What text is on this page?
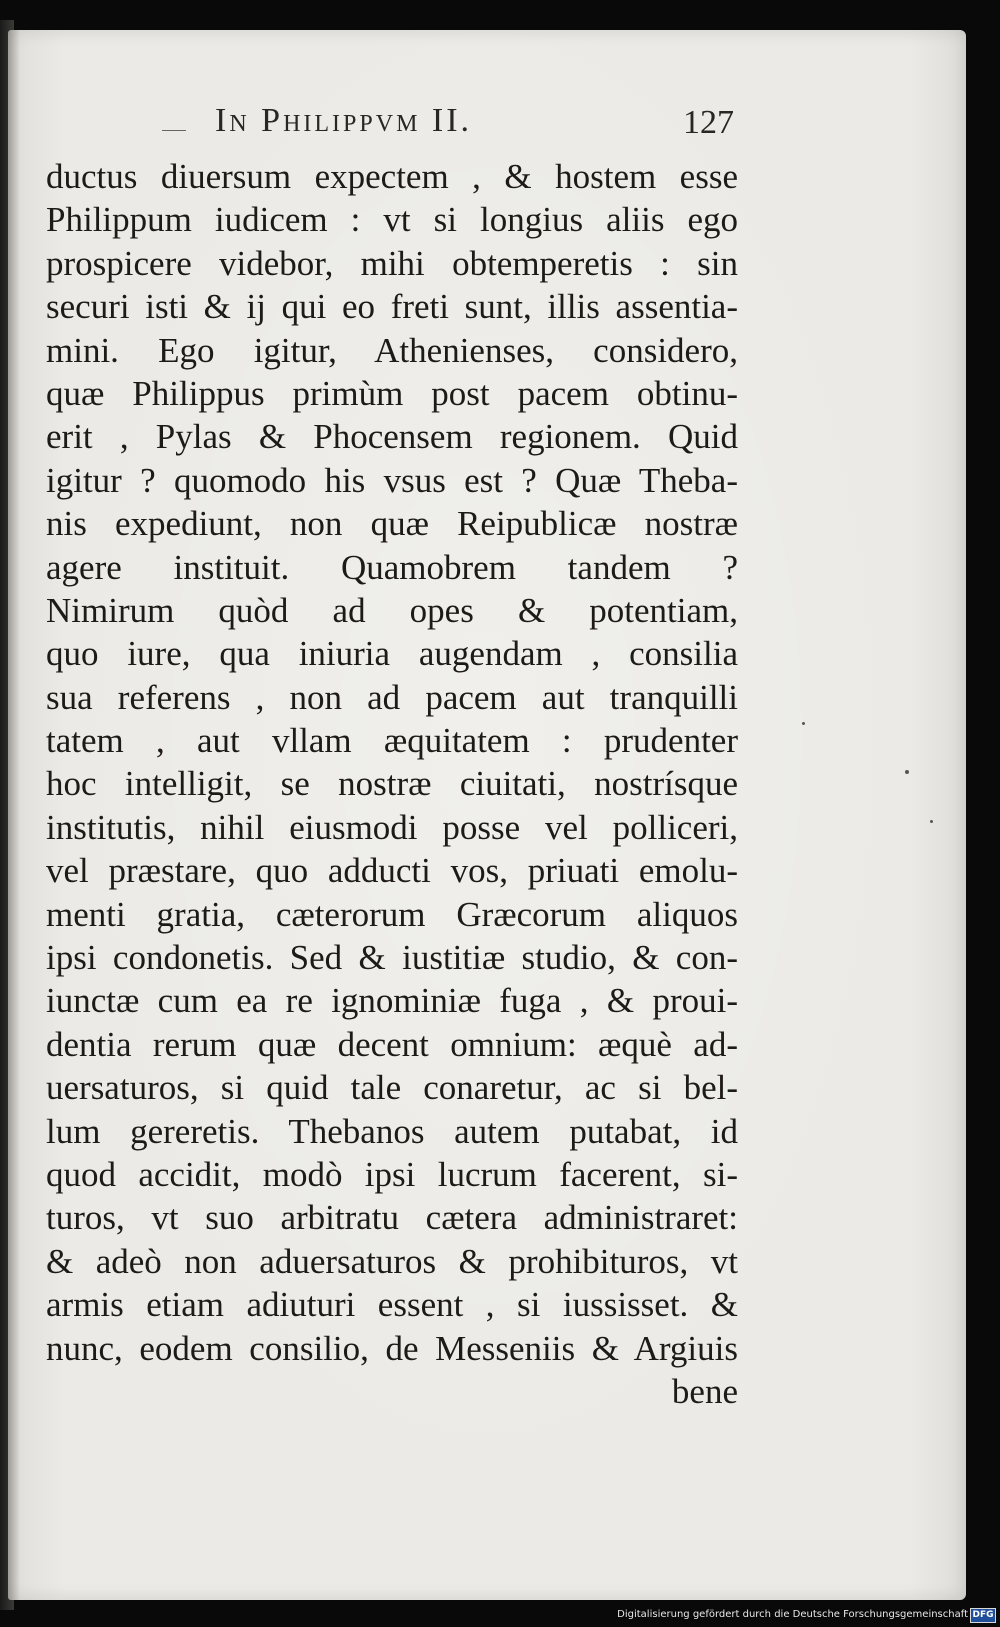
In Philippvm II.	127
ductus diuersum expectem , & hostem esse
Philippum iudicem : vt si longius aliis ego
prospicere videbor, mihi obtemperetis : sin
securi isti & ij qui eo freti sunt, illis assentia-
mini. Ego igitur, Athenienses, considero,
quæ Philippus primùm post pacem obtinu-
erit , Pylas & Phocensem regionem. Quid
igitur ? quomodo his vsus est ? Quæ Theba-
nis expediunt, non quæ Reipublicæ nostræ
agere instituit. Quamobrem tandem ?
Nimirum quòd ad opes & potentiam,
quo iure, qua iniuria augendam , consilia
sua referens , non ad pacem aut tranquilli
tatem , aut vllam æquitatem : prudenter
hoc intelligit, se nostræ ciuitati, nostrísque
institutis, nihil eiusmodi posse vel polliceri,
vel præstare, quo adducti vos, priuati emolu-
menti gratia, cæterorum Græcorum aliquos
ipsi condonetis. Sed & iustitiæ studio, & con-
iunctæ cum ea re ignominiæ fuga , & proui-
dentia rerum quæ decent omnium: æquè ad-
uersaturos, si quid tale conaretur, ac si bel-
lum gereretis. Thebanos autem putabat, id
quod accidit, modò ipsi lucrum facerent, si-
turos, vt suo arbitratu cætera administraret:
& adeò non aduersaturos & prohibituros, vt
armis etiam adiuturi essent , si iussisset. &
nunc, eodem consilio, de Messeniis & Argiuis
bene
Digitalisierung gefördert durch die Deutsche Forschungsgemeinschaft DFG
